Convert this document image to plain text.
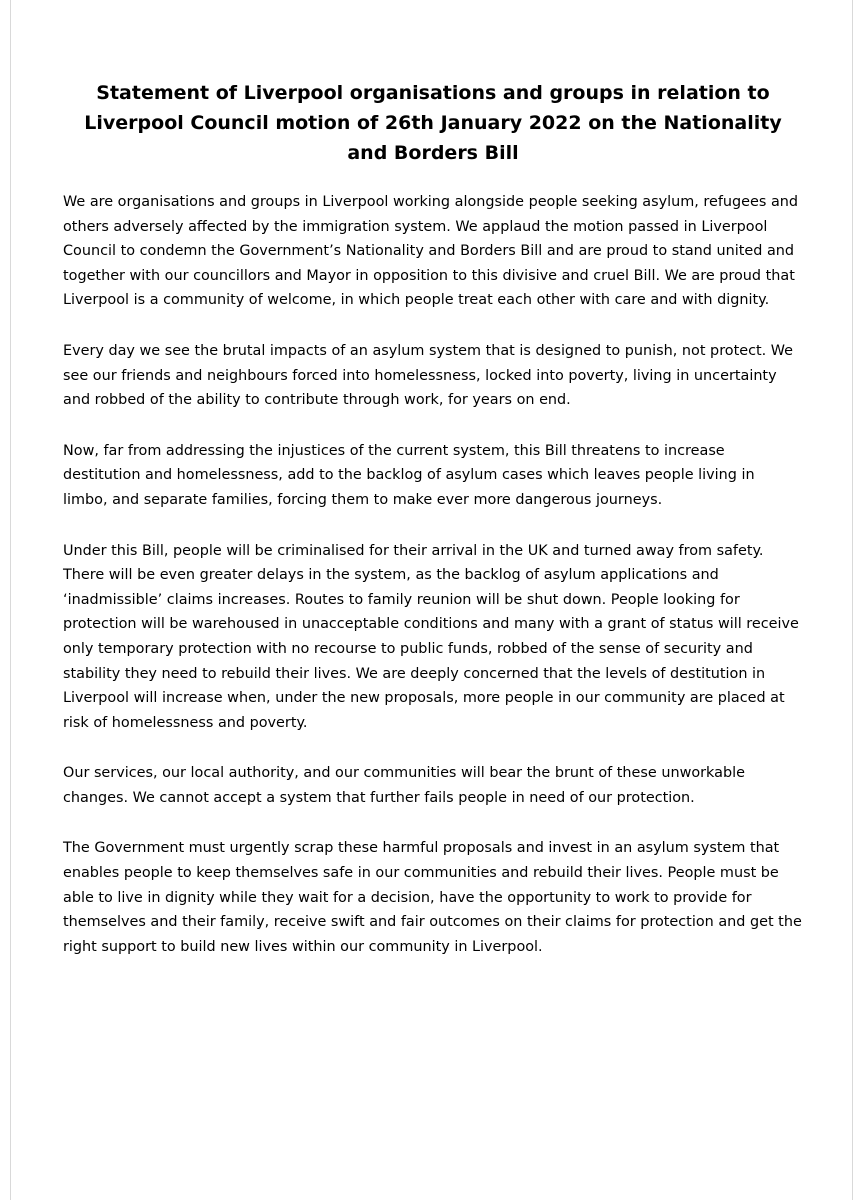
Statement of Liverpool organisations and groups in relation to Liverpool Council motion of 26th January 2022 on the Nationality and Borders Bill

We are organisations and groups in Liverpool working alongside people seeking asylum, refugees and others adversely affected by the immigration system. We applaud the motion passed in Liverpool Council to condemn the Government’s Nationality and Borders Bill and are proud to stand united and together with our councillors and Mayor in opposition to this divisive and cruel Bill. We are proud that Liverpool is a community of welcome, in which people treat each other with care and with dignity.

Every day we see the brutal impacts of an asylum system that is designed to punish, not protect. We see our friends and neighbours forced into homelessness, locked into poverty, living in uncertainty and robbed of the ability to contribute through work, for years on end.

Now, far from addressing the injustices of the current system, this Bill threatens to increase destitution and homelessness, add to the backlog of asylum cases which leaves people living in limbo, and separate families, forcing them to make ever more dangerous journeys.

Under this Bill, people will be criminalised for their arrival in the UK and turned away from safety. There will be even greater delays in the system, as the backlog of asylum applications and ‘inadmissible’ claims increases. Routes to family reunion will be shut down. People looking for protection will be warehoused in unacceptable conditions and many with a grant of status will receive only temporary protection with no recourse to public funds, robbed of the sense of security and stability they need to rebuild their lives. We are deeply concerned that the levels of destitution in Liverpool will increase when, under the new proposals, more people in our community are placed at risk of homelessness and poverty.

Our services, our local authority, and our communities will bear the brunt of these unworkable changes. We cannot accept a system that further fails people in need of our protection.

The Government must urgently scrap these harmful proposals and invest in an asylum system that enables people to keep themselves safe in our communities and rebuild their lives. People must be able to live in dignity while they wait for a decision, have the opportunity to work to provide for themselves and their family, receive swift and fair outcomes on their claims for protection and get the right support to build new lives within our community in Liverpool.
